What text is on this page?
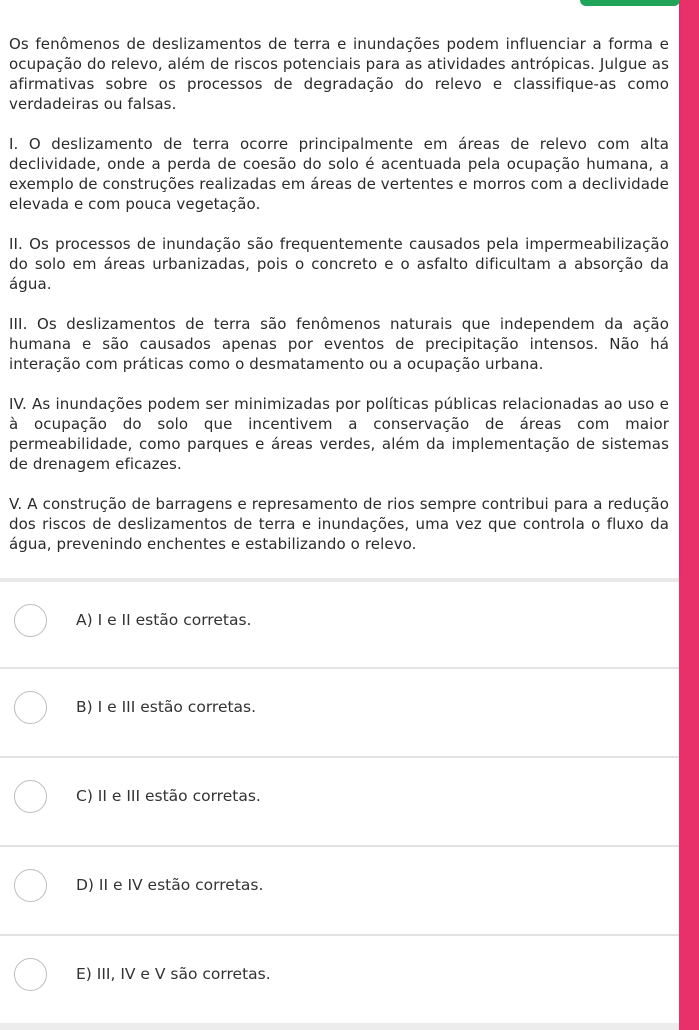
Os fenômenos de deslizamentos de terra e inundações podem influenciar a forma e ocupação do relevo, além de riscos potenciais para as atividades antrópicas. Julgue as afirmativas sobre os processos de degradação do relevo e classifique-as como verdadeiras ou falsas.

I. O deslizamento de terra ocorre principalmente em áreas de relevo com alta declividade, onde a perda de coesão do solo é acentuada pela ocupação humana, a exemplo de construções realizadas em áreas de vertentes e morros com a declividade elevada e com pouca vegetação.

II. Os processos de inundação são frequentemente causados pela impermeabilização do solo em áreas urbanizadas, pois o concreto e o asfalto dificultam a absorção da água.

III. Os deslizamentos de terra são fenômenos naturais que independem da ação humana e são causados apenas por eventos de precipitação intensos. Não há interação com práticas como o desmatamento ou a ocupação urbana.

IV. As inundações podem ser minimizadas por políticas públicas relacionadas ao uso e à ocupação do solo que incentivem a conservação de áreas com maior permeabilidade, como parques e áreas verdes, além da implementação de sistemas de drenagem eficazes.

V. A construção de barragens e represamento de rios sempre contribui para a redução dos riscos de deslizamentos de terra e inundações, uma vez que controla o fluxo da água, prevenindo enchentes e estabilizando o relevo.

A) I e II estão corretas.
B) I e III estão corretas.
C) II e III estão corretas.
D) II e IV estão corretas.
E) III, IV e V são corretas.
